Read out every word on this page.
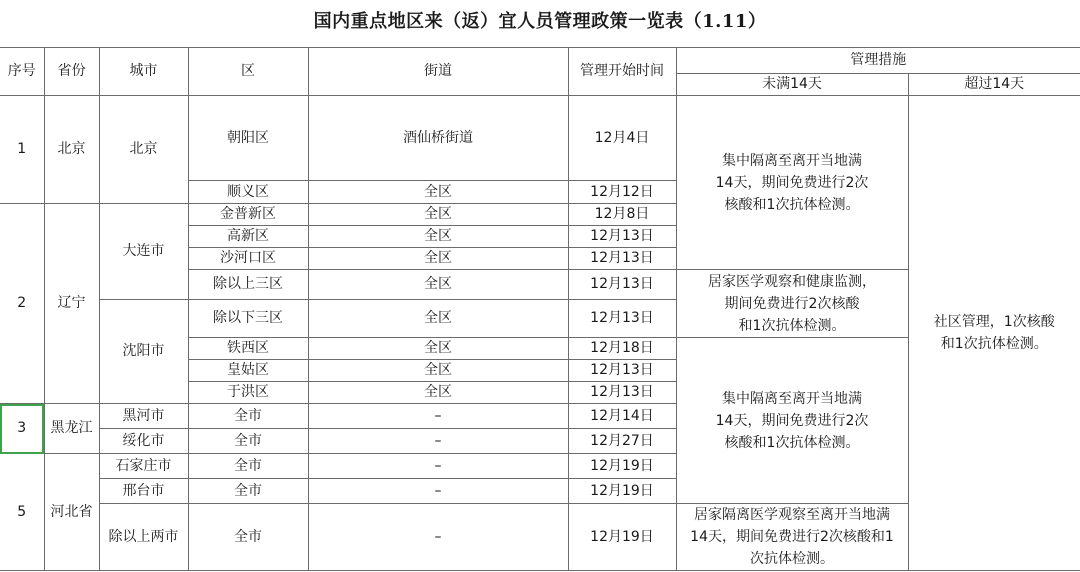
国内重点地区来（返）宜人员管理政策一览表（1.11）
序号	省份	城市	区	街道	管理开始时间	管理措施	
						未满14天	超过14天
1	北京	北京	朝阳区	酒仙桥街道	12月4日	集中隔离至离开当地满
14天，期间免费进行2次
核酸和1次抗体检测。	社区管理，1次核酸
和1次抗体检测。
			顺义区	全区	12月12日		
2	辽宁	大连市	金普新区	全区	12月8日		
			高新区	全区	12月13日		
			沙河口区	全区	12月13日		
			除以上三区	全区	12月13日	居家医学观察和健康监测，
期间免费进行2次核酸
和1次抗体检测。	
		沈阳市	除以下三区	全区	12月13日		
			铁西区	全区	12月18日	集中隔离至离开当地满
14天，期间免费进行2次
核酸和1次抗体检测。	
			皇姑区	全区	12月13日		
			于洪区	全区	12月13日		
3	黑龙江	黑河市	全市	–	12月14日		
		绥化市	全市	–	12月27日		
5	河北省	石家庄市	全市	–	12月19日		
		邢台市	全市	–	12月19日		
		除以上两市	全市	–	12月19日	居家隔离医学观察至离开当地满
14天，期间免费进行2次核酸和1
次抗体检测。	
